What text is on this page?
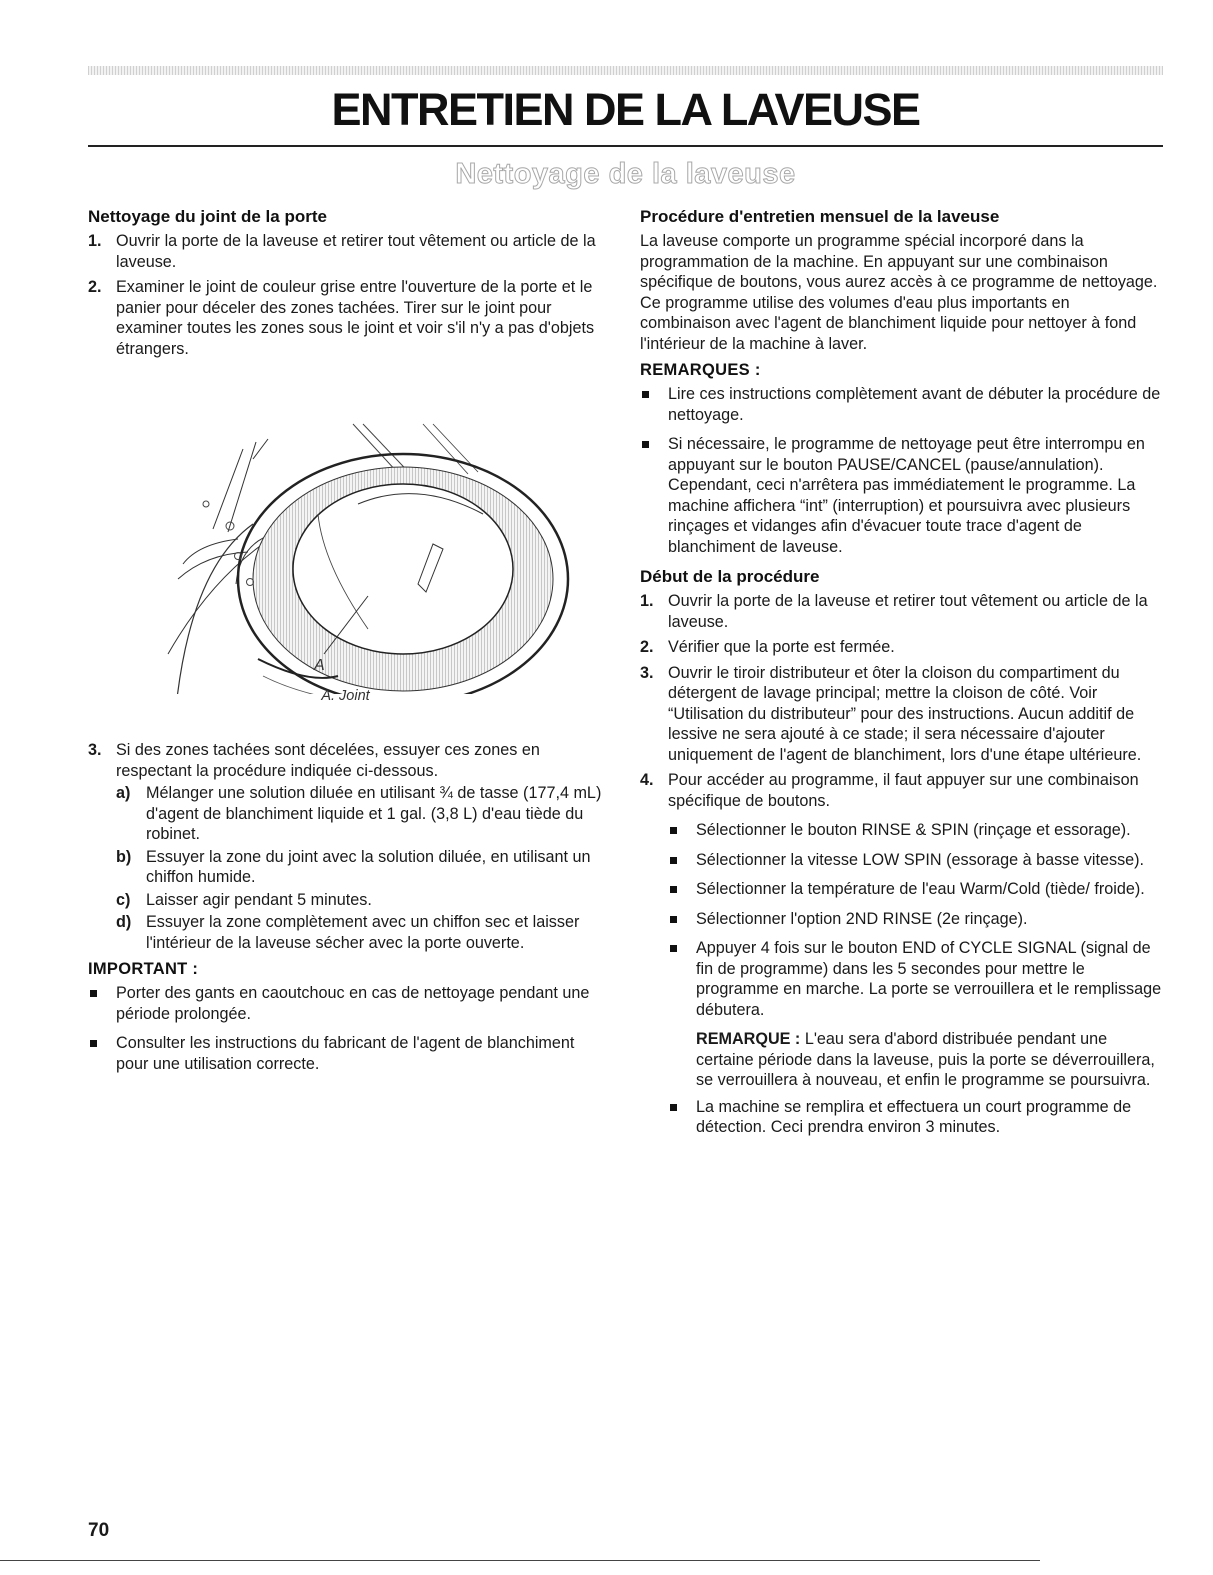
ENTRETIEN DE LA LAVEUSE
Nettoyage de la laveuse
Nettoyage du joint de la porte
1. Ouvrir la porte de la laveuse et retirer tout vêtement ou article de la laveuse.
2. Examiner le joint de couleur grise entre l'ouverture de la porte et le panier pour déceler des zones tachées. Tirer sur le joint pour examiner toutes les zones sous le joint et voir s'il n'y a pas d'objets étrangers.
A
A. Joint
3. Si des zones tachées sont décelées, essuyer ces zones en respectant la procédure indiquée ci-dessous.
a) Mélanger une solution diluée en utilisant ¾ de tasse (177,4 mL) d'agent de blanchiment liquide et 1 gal. (3,8 L) d'eau tiède du robinet.
b) Essuyer la zone du joint avec la solution diluée, en utilisant un chiffon humide.
c) Laisser agir pendant 5 minutes.
d) Essuyer la zone complètement avec un chiffon sec et laisser l'intérieur de la laveuse sécher avec la porte ouverte.
IMPORTANT :
Porter des gants en caoutchouc en cas de nettoyage pendant une période prolongée.
Consulter les instructions du fabricant de l'agent de blanchiment pour une utilisation correcte.
Procédure d'entretien mensuel de la laveuse

La laveuse comporte un programme spécial incorporé dans la programmation de la machine. En appuyant sur une combinaison spécifique de boutons, vous aurez accès à ce programme de nettoyage. Ce programme utilise des volumes d'eau plus importants en combinaison avec l'agent de blanchiment liquide pour nettoyer à fond l'intérieur de la machine à laver.

REMARQUES :
Lire ces instructions complètement avant de débuter la procédure de nettoyage.
Si nécessaire, le programme de nettoyage peut être interrompu en appuyant sur le bouton PAUSE/CANCEL (pause/annulation). Cependant, ceci n'arrêtera pas immédiatement le programme. La machine affichera “int” (interruption) et poursuivra avec plusieurs rinçages et vidanges afin d'évacuer toute trace d'agent de blanchiment de laveuse.
Début de la procédure
1. Ouvrir la porte de la laveuse et retirer tout vêtement ou article de la laveuse.
2. Vérifier que la porte est fermée.
3. Ouvrir le tiroir distributeur et ôter la cloison du compartiment du détergent de lavage principal; mettre la cloison de côté. Voir “Utilisation du distributeur” pour des instructions. Aucun additif de lessive ne sera ajouté à ce stade; il sera nécessaire d'ajouter uniquement de l'agent de blanchiment, lors d'une étape ultérieure.
4. Pour accéder au programme, il faut appuyer sur une combinaison spécifique de boutons.
Sélectionner le bouton RINSE & SPIN (rinçage et essorage).
Sélectionner la vitesse LOW SPIN (essorage à basse vitesse).
Sélectionner la température de l'eau Warm/Cold (tiède/ froide).
Sélectionner l'option 2ND RINSE (2e rinçage).
Appuyer 4 fois sur le bouton END of CYCLE SIGNAL (signal de fin de programme) dans les 5 secondes pour mettre le programme en marche. La porte se verrouillera et le remplissage débutera.

REMARQUE : L'eau sera d'abord distribuée pendant une certaine période dans la laveuse, puis la porte se déverrouillera, se verrouillera à nouveau, et enfin le programme se poursuivra.

La machine se remplira et effectuera un court programme de détection. Ceci prendra environ 3 minutes.
70
